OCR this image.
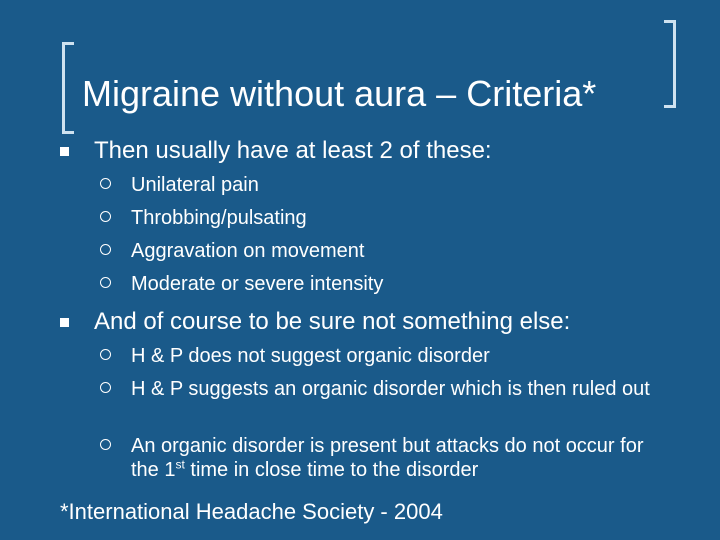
Migraine without aura – Criteria*
Then usually have at least 2 of these:
Unilateral pain
Throbbing/pulsating
Aggravation on movement
Moderate or severe intensity
And of course to be sure not something else:
H & P does not suggest organic disorder
H & P suggests an organic disorder which is then ruled out
An organic disorder is present but attacks do not occur for the 1st time in close time to the disorder
*International Headache Society - 2004
